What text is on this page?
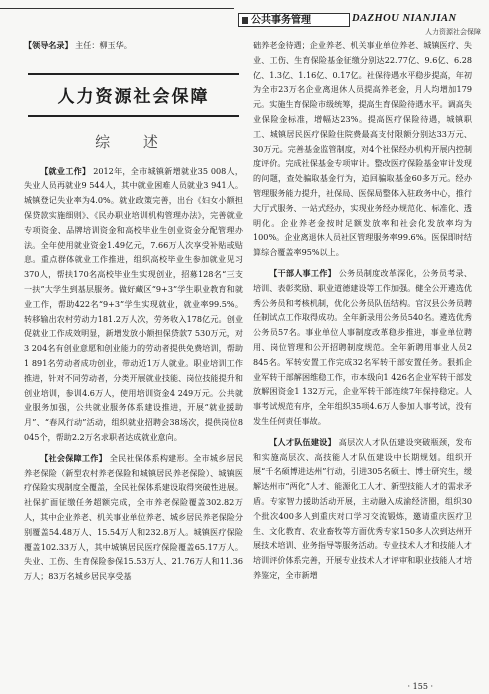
公共事务管理	DAZHOU NIANJIAN
人力资源社会保障

【领导名录】 主任：柳玉华。

人力资源社会保障
综 述

【就业工作】 2012年，全市城镇新增就业35 008人，失业人员再就业9 544人，其中就业困难人员就业3 941人。城镇登记失业率为4.0%。就业政策完善，出台《妇女小额担保贷款实施细则》、《民办职业培训机构管理办法》，完善就业专项资金、品牌培训资金和高校毕业生创业资金分配管理办法。全年使用就业资金1.49亿元，7.66万人次享受补贴或贴息。重点群体就业工作推进，组织高校毕业生参加就业见习370人，帮扶170名高校毕业生实现创业，招募128名“三支一扶”大学生到基层服务。做好藏区“9+3”学生职业教育和就业工作，帮助422名“9+3”学生实现就业，就业率99.5%。转移输出农村劳动力181.2万人次，劳务收入178亿元。创业促就业工作成效明显，新增发放小额担保贷款7 530万元，对3 204名有创业意愿和创业能力的劳动者提供免费培训，帮助1 891名劳动者成功创业，带动近1万人就业。职业培训工作推进，针对不同劳动者，分类开展就业技能、岗位技能提升和创业培训，参训4.6万人，使用培训资金4 249万元。公共就业服务加强，公共就业服务体系建设推进，开展“就业援助月”、“春风行动”活动，组织就业招聘会38场次，提供岗位8 045个，帮助2.2万名求职者达成就业意向。

【社会保障工作】 全民社保体系构建形。全市城乡居民养老保险（新型农村养老保险和城镇居民养老保险）、城镇医疗保险实现制度全覆盖，全民社保体系建设取得突破性进展。社保扩面征缴任务超额完成，全市养老保险覆盖302.82万人，其中企业养老、机关事业单位养老、城乡居民养老保险分别覆盖54.48万人、15.54万人和232.8万人。城镇医疗保险覆盖102.33万人，其中城镇居民医疗保险覆盖65.17万人。失业、工伤、生育保险参保15.53万人、21.76万人和11.36万人；83万名城乡居民享受基

础养老金待遇；企业养老、机关事业单位养老、城镇医疗、失业、工伤、生育保险基金征缴分别达22.77亿、9.6亿、6.28亿、1.3亿、1.16亿、0.17亿。社保待遇水平稳步提高，年初为全市23万名企业离退休人员提高养老金，月人均增加179元。实施生育保险市级统筹，提高生育保险待遇水平。调高失业保险金标准，增幅达23%。提高医疗保险待遇，城镇职工、城镇居民医疗保险住院费最高支付限额分别达33万元、30万元。完善基金监管制度，对4个社保经办机构开展内控制度评价。完成社保基金专项审计。整改医疗保险基金审计发现的问题，查处骗取基金行为，追回骗取基金60多万元。经办管理服务能力提升，社保局、医保局整体入驻政务中心，推行大厅式服务、一站式经办，实现业务经办规范化、标准化、透明化。企业养老金按时足额发放率和社会化发放率均为100%。企业离退休人员社区管理服务率99.6%。医保即时结算综合覆盖率95%以上。

【干部人事工作】 公务员制度改革深化，公务员考录、培训、表彰奖励、职业道德建设等工作加强。健全公开遴选优秀公务员和考核机制，优化公务员队伍结构。官汉县公务员聘任制试点工作取得成功。全年新录用公务员540名。遴选优秀公务员57名。事业单位人事制度改革稳步推进，事业单位聘用、岗位管理和公开招聘制度规范。全年新聘用事业人员2 845名。军转安置工作完成32名军转干部安置任务。狠抓企业军转干部解困维稳工作，市本级向1 426名企业军转干部发放解困资金1 132万元，企业军转干部连续7年保持稳定。人事考试规范有序，全年组织35项4.6万人参加人事考试，没有发生任何责任事故。

【人才队伍建设】 高层次人才队伍建设突破瓶颈，发布和实施高层次、高技能人才队伍建设中长期规划。组织开展“千名硕博进达州”行动，引进305名硕士、博士研究生，缓解达州市“两化”人才、能源化工人才、新型技能人才的需求矛盾。专家智力援助活动开展，主动融入成渝经济圈，组织30个批次400多人到重庆对口学习交流锻炼，邀请重庆医疗卫生、文化教育、农业畜牧等方面优秀专家150多人次到达州开展技术培训、业务指导等服务活动。专业技术人才和技能人才培训评价体系完善，开展专业技术人才评审和职业技能人才培养鉴定，全市新增

· 155 ·
